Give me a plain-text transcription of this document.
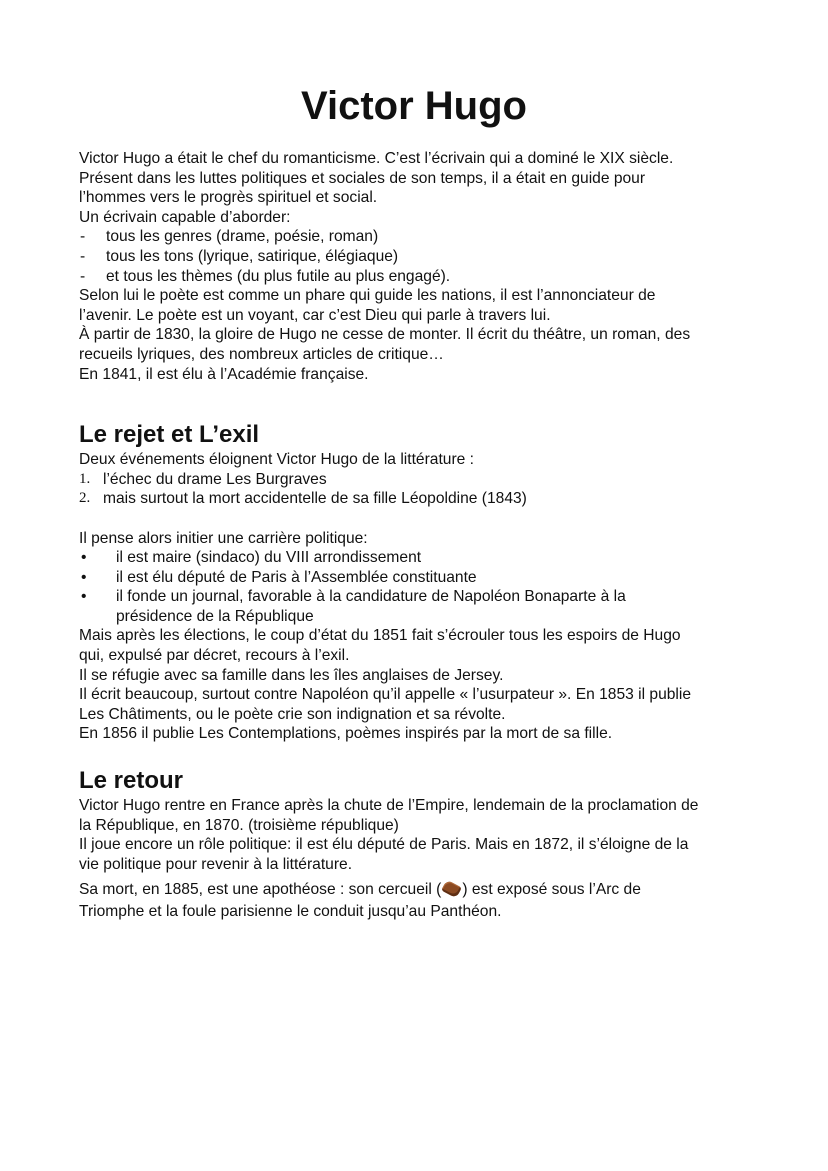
Victor Hugo

Victor Hugo a était le chef du romanticisme. C’est l’écrivain qui a dominé le XIX siècle.

Présent dans les luttes politiques et sociales de son temps, il a était en guide pour

l’hommes vers le progrès spirituel et social.

Un écrivain capable d’aborder:

- tous les genres (drame, poésie, roman)
- tous les tons (lyrique, satirique, élégiaque)
- et tous les thèmes (du plus futile au plus engagé).

Selon lui le poète est comme un phare qui guide les nations, il est l’annonciateur de

l’avenir. Le poète est un voyant, car c’est Dieu qui parle à travers lui.

À partir de 1830, la gloire de Hugo ne cesse de monter. Il écrit du théâtre, un roman, des

recueils lyriques, des nombreux articles de critique…

En 1841, il est élu à l’Académie française.

Le rejet et L’exil

Deux événements éloignent Victor Hugo de la littérature :

1. l’échec du drame Les Burgraves
2. mais surtout la mort accidentelle de sa fille Léopoldine (1843)

Il pense alors initier une carrière politique:

• il est maire (sindaco) du VIII arrondissement
• il est élu député de Paris à l’Assemblée constituante
• il fonde un journal, favorable à la candidature de Napoléon Bonaparte à la
présidence de la République

Mais après les élections, le coup d’état du 1851 fait s’écrouler tous les espoirs de Hugo

qui, expulsé par décret, recours à l’exil.

Il se réfugie avec sa famille dans les îles anglaises de Jersey.

Il écrit beaucoup, surtout contre Napoléon qu’il appelle « l’usurpateur ». En 1853 il publie

Les Châtiments, ou le poète crie son indignation et sa révolte.

En 1856 il publie Les Contemplations, poèmes inspirés par la mort de sa fille.

Le retour

Victor Hugo rentre en France après la chute de l’Empire, lendemain de la proclamation de

la République, en 1870. (troisième république)

Il joue encore un rôle politique: il est élu député de Paris. Mais en 1872, il s’éloigne de la

vie politique pour revenir à la littérature.

Sa mort, en 1885, est une apothéose : son cercueil ( ) est exposé sous l’Arc de

Triomphe et la foule parisienne le conduit jusqu’au Panthéon.
